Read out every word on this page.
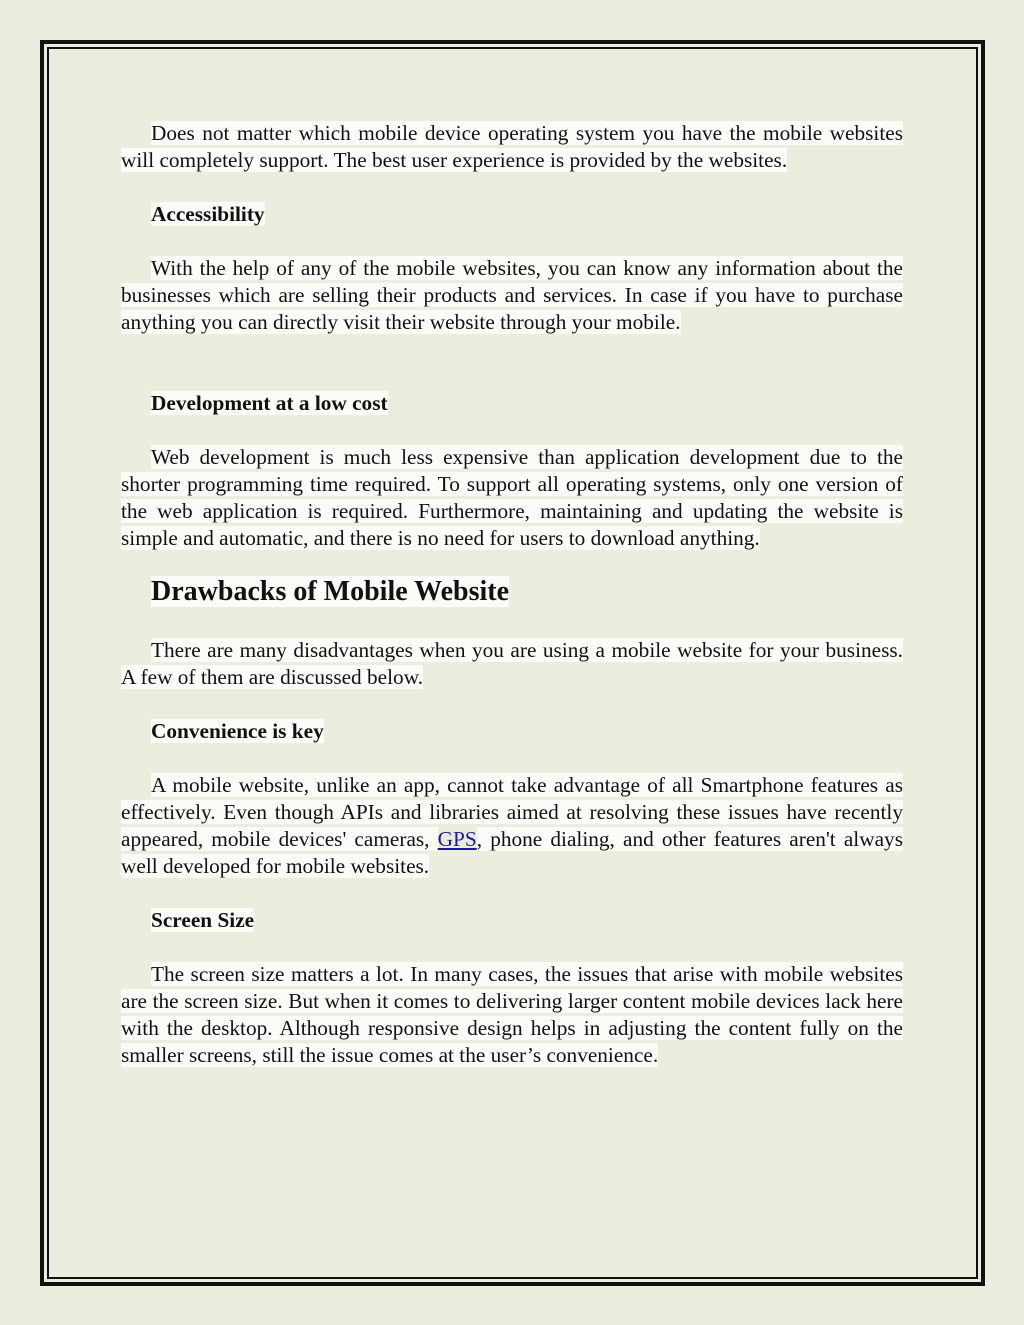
Does not matter which mobile device operating system you have the mobile websites will completely support. The best user experience is provided by the websites.

Accessibility

With the help of any of the mobile websites, you can know any information about the businesses which are selling their products and services. In case if you have to purchase anything you can directly visit their website through your mobile.

Development at a low cost

Web development is much less expensive than application development due to the shorter programming time required. To support all operating systems, only one version of the web application is required. Furthermore, maintaining and updating the website is simple and automatic, and there is no need for users to download anything.

Drawbacks of Mobile Website

There are many disadvantages when you are using a mobile website for your business. A few of them are discussed below.

Convenience is key

A mobile website, unlike an app, cannot take advantage of all Smartphone features as effectively. Even though APIs and libraries aimed at resolving these issues have recently appeared, mobile devices' cameras, GPS, phone dialing, and other features aren't always well developed for mobile websites.

Screen Size

The screen size matters a lot. In many cases, the issues that arise with mobile websites are the screen size. But when it comes to delivering larger content mobile devices lack here with the desktop. Although responsive design helps in adjusting the content fully on the smaller screens, still the issue comes at the user’s convenience.
